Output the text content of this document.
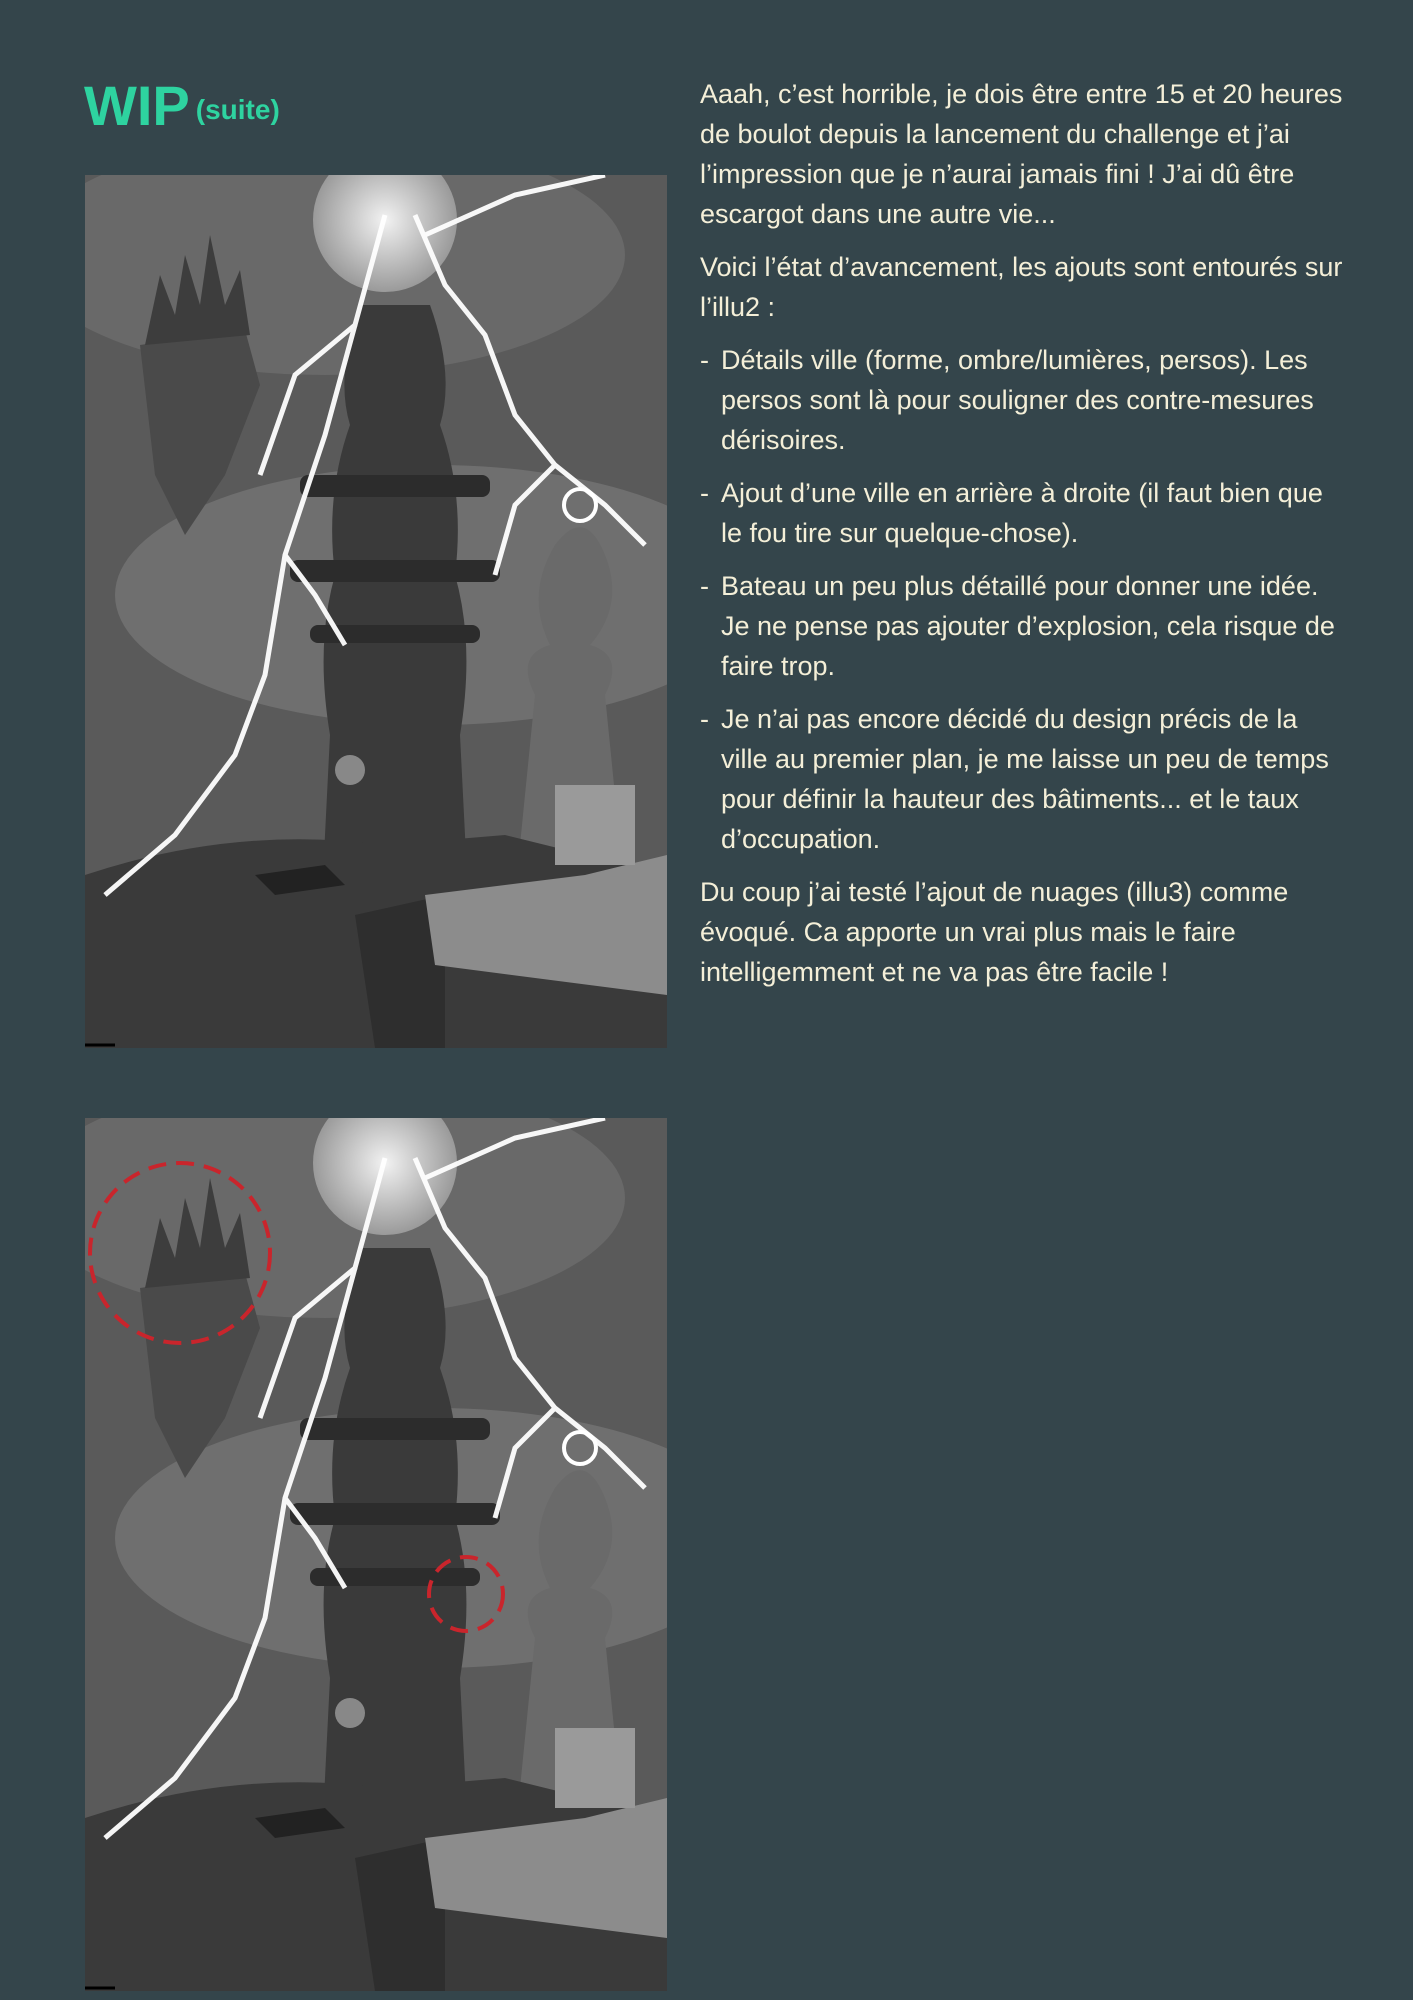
WIP $^{(suite)}$	Aaah, c’est horrible, je dois être entre 15 et 20 heures de boulot depuis la lancement du challenge et j’ai l’impression que je n’aurai jamais fini ! J’ai dû être escargot dans une autre vie...

Voici l’état d’avancement, les ajouts sont entourés sur l’illu2 :

- Détails ville (forme, ombre/lumières, persos). Les persos sont là pour souligner des contre-mesures dérisoires.
- Ajout d’une ville en arrière à droite (il faut bien que le fou tire sur quelque-chose).
- Bateau un peu plus détaillé pour donner une idée. Je ne pense pas ajouter d’explosion, cela risque de faire trop.
- Je n’ai pas encore décidé du design précis de la ville au premier plan, je me laisse un peu de temps pour définir la hauteur des bâtiments... et le taux d’occupation.

Du coup j’ai testé l’ajout de nuages (illu3) comme évoqué. Ca apporte un vrai plus mais le faire intelligemment et ne va pas être facile !
